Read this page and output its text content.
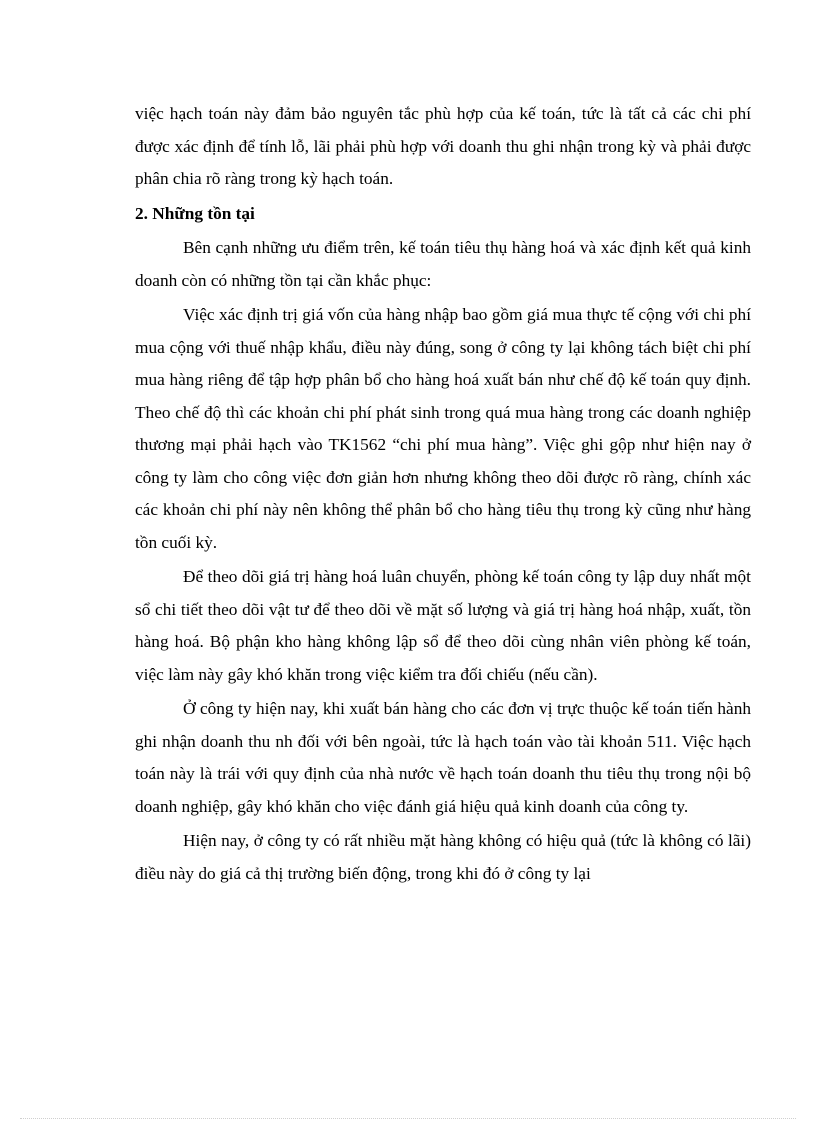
việc hạch toán này đảm bảo nguyên tắc phù hợp của kế toán, tức là tất cả các chi phí được xác định để tính lỗ, lãi phải phù hợp với doanh thu ghi nhận trong kỳ và phải được phân chia rõ ràng trong kỳ hạch toán.

2. Những tồn tại

Bên cạnh những ưu điểm trên, kế toán tiêu thụ hàng hoá và xác định kết quả kinh doanh còn có những tồn tại cần khắc phục:

Việc xác định trị giá vốn của hàng nhập bao gồm giá mua thực tế cộng với chi phí mua cộng với thuế nhập khẩu, điều này đúng, song ở công ty lại không tách biệt chi phí mua hàng riêng để tập hợp phân bổ cho hàng hoá xuất bán như chế độ kế toán quy định. Theo chế độ thì các khoản chi phí phát sinh trong quá mua hàng trong các doanh nghiệp thương mại phải hạch vào TK1562 “chi phí mua hàng”. Việc ghi gộp như hiện nay ở công ty làm cho công việc đơn giản hơn nhưng không theo dõi được rõ ràng, chính xác các khoản chi phí này nên không thể phân bổ cho hàng tiêu thụ trong kỳ cũng như hàng tồn cuối kỳ.

Để theo dõi giá trị hàng hoá luân chuyển, phòng kế toán công ty lập duy nhất một sổ chi tiết theo dõi vật tư để theo dõi về mặt số lượng và giá trị hàng hoá nhập, xuất, tồn hàng hoá. Bộ phận kho hàng không lập sổ để theo dõi cùng nhân viên phòng kế toán, việc làm này gây khó khăn trong việc kiểm tra đối chiếu (nếu cần).

Ở công ty hiện nay, khi xuất bán hàng cho các đơn vị trực thuộc kế toán tiến hành ghi nhận doanh thu nh đối với bên ngoài, tức là hạch toán vào tài khoản 511. Việc hạch toán này là trái với quy định của nhà nước về hạch toán doanh thu tiêu thụ trong nội bộ doanh nghiệp, gây khó khăn cho việc đánh giá hiệu quả kinh doanh của công ty.

Hiện nay, ở công ty có rất nhiều mặt hàng không có hiệu quả (tức là không có lãi) điều này do giá cả thị trường biến động, trong khi đó ở công ty lại
